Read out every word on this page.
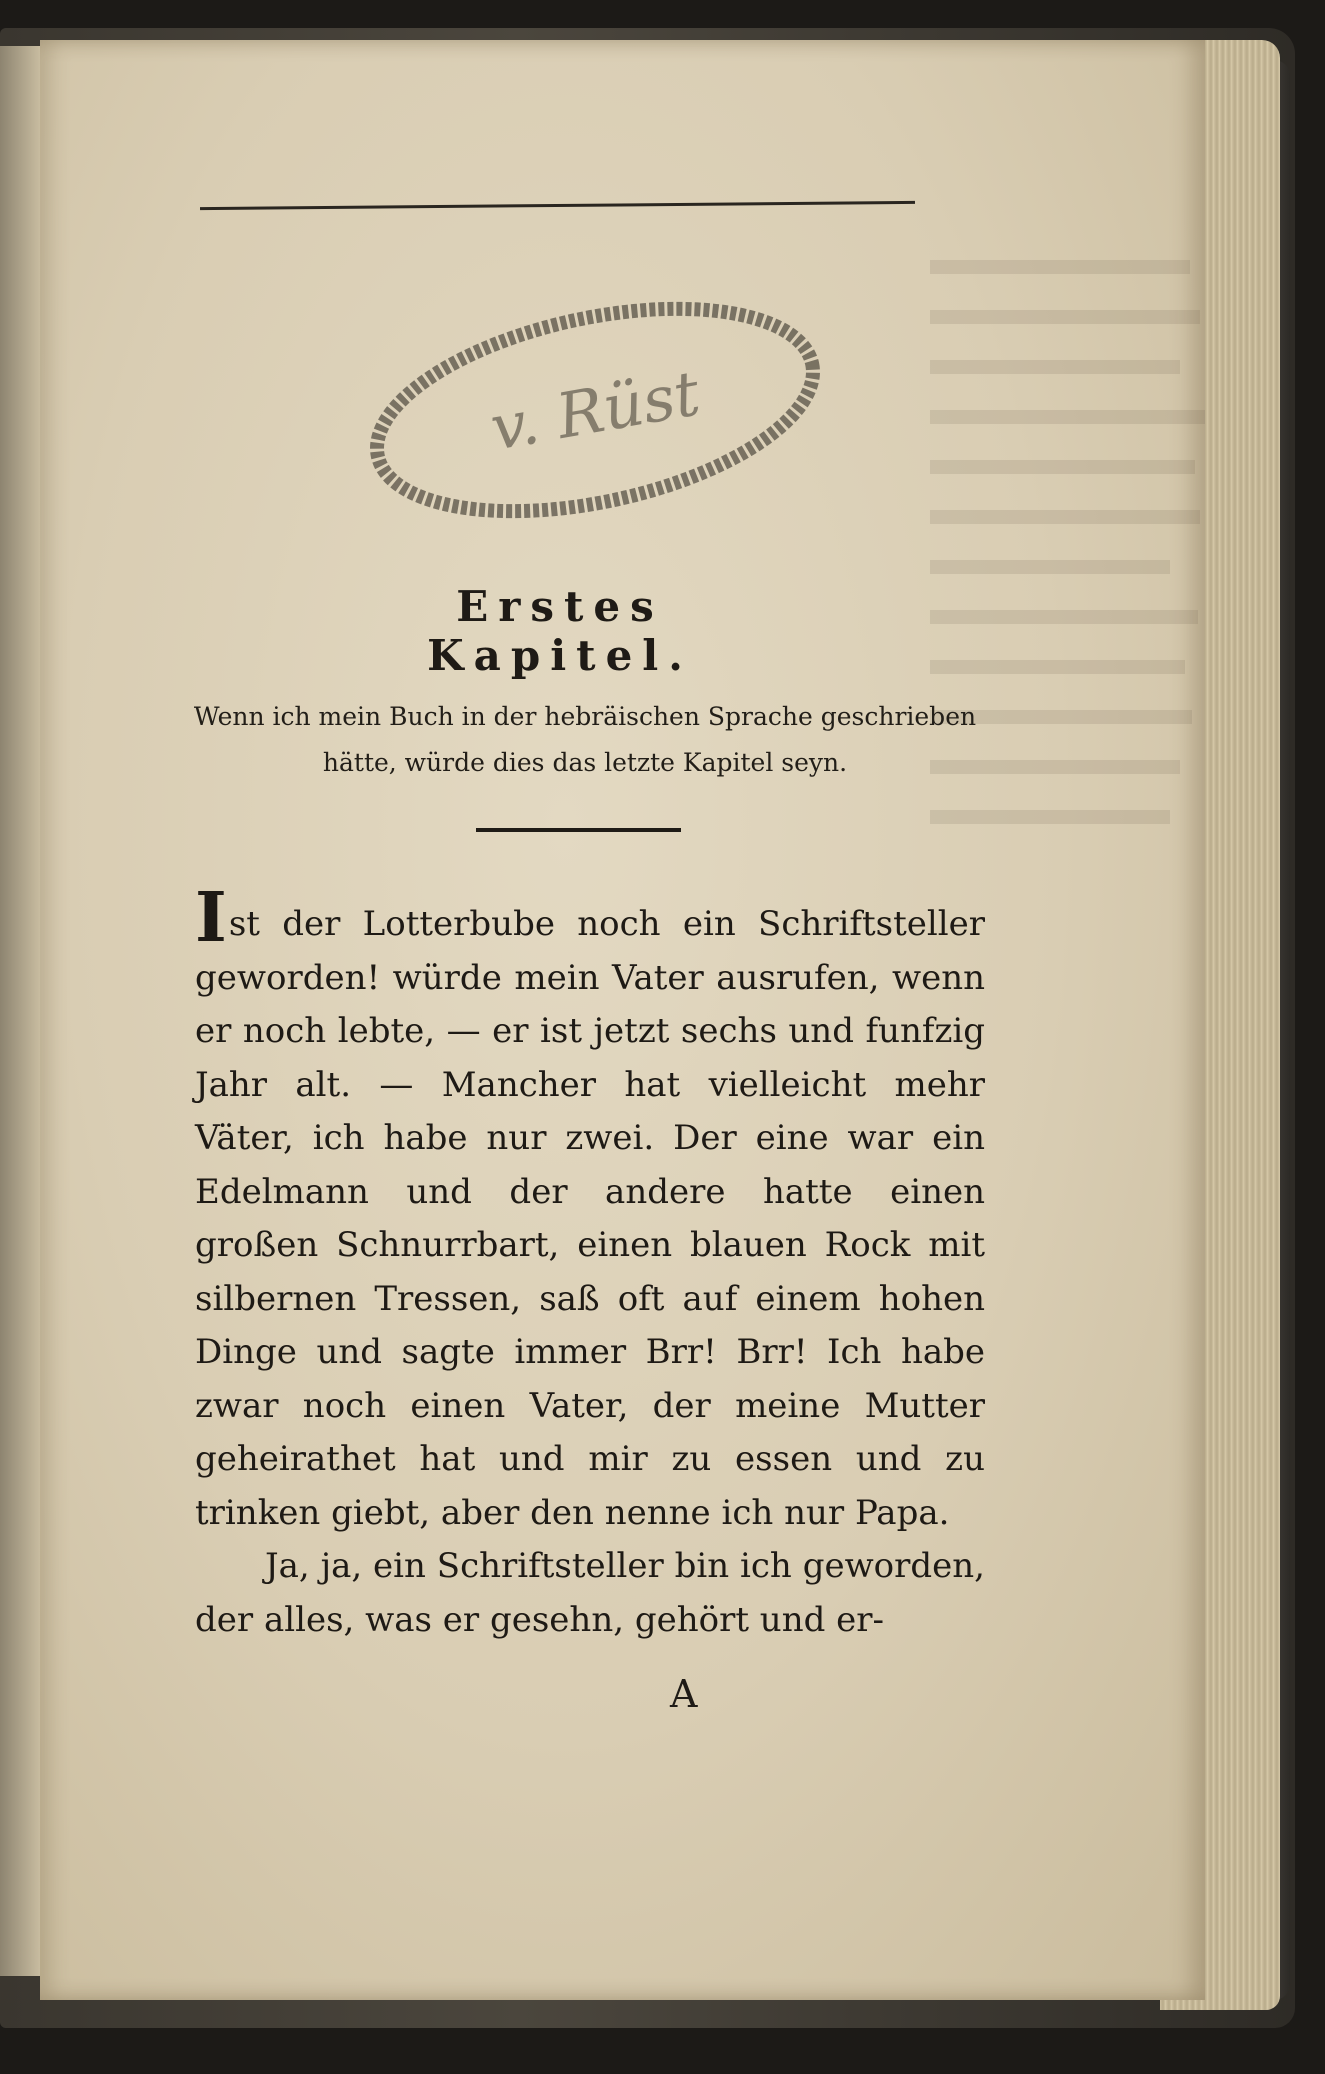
v. Rüst
Erstes Kapitel.
Wenn ich mein Buch in der hebräischen Sprache geschrieben hätte, würde dies das letzte Kapitel seyn.

Ist der Lotterbube noch ein Schriftsteller geworden! würde mein Vater ausrufen, wenn er noch lebte, — er ist jetzt sechs und funfzig Jahr alt. — Mancher hat vielleicht mehr Väter, ich habe nur zwei. Der eine war ein Edelmann und der andere hatte einen großen Schnurrbart, einen blauen Rock mit silbernen Tressen, saß oft auf einem hohen Dinge und sagte immer Brr! Brr! Ich habe zwar noch einen Vater, der meine Mutter geheirathet hat und mir zu essen und zu trinken giebt, aber den nenne ich nur Papa.

Ja, ja, ein Schriftsteller bin ich geworden, der alles, was er gesehn, gehört und er-

A
